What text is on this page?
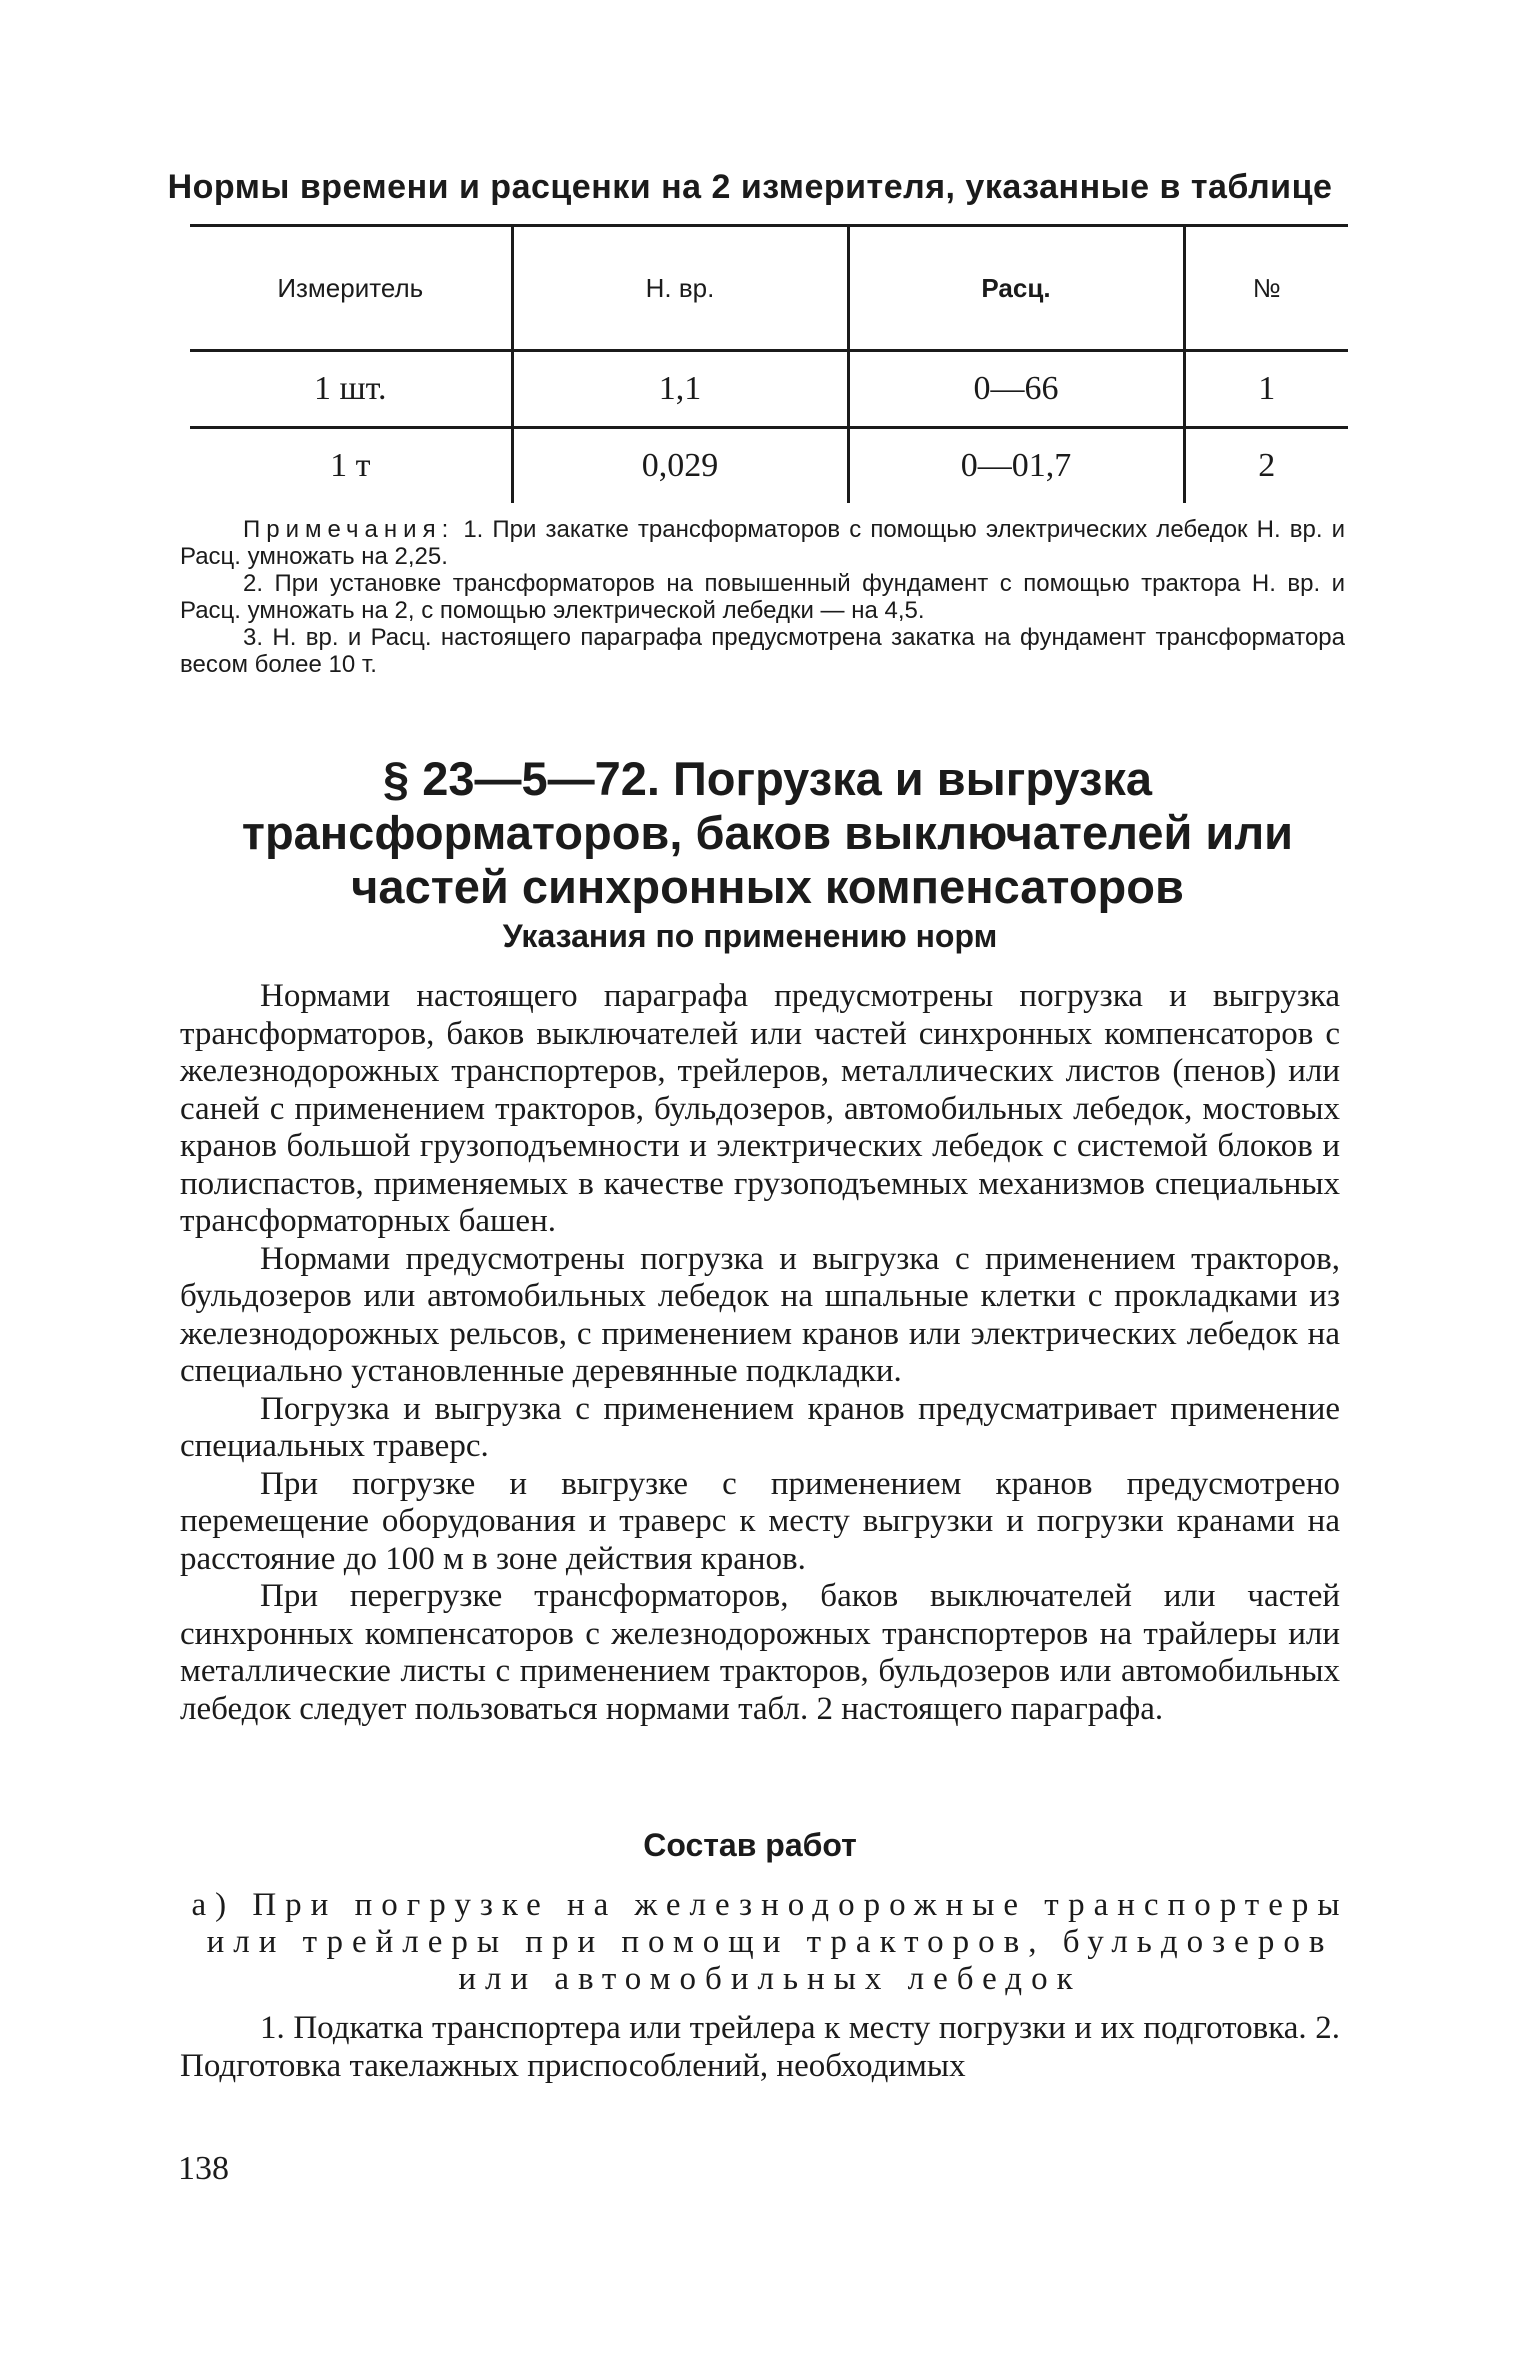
Нормы времени и расценки на 2 измерителя, указанные в таблице
Измеритель	Н. вр.	Расц.	№
1 шт.	1,1	0—66	1
1 т	0,029	0—01,7	2

Примечания: 1. При закатке трансформаторов с помощью электрических лебедок Н. вр. и Расц. умножать на 2,25.

2. При установке трансформаторов на повышенный фундамент с помощью трактора Н. вр. и Расц. умножать на 2, с помощью электрической лебедки — на 4,5.

3. Н. вр. и Расц. настоящего параграфа предусмотрена закатка на фундамент трансформатора весом более 10 т.

§ 23—5—72. Погрузка и выгрузка трансформаторов, баков выключателей или частей синхронных компенсаторов
Указания по применению норм

Нормами настоящего параграфа предусмотрены погрузка и выгрузка трансформаторов, баков выключателей или частей синхронных компенсаторов с железнодорожных транспортеров, трейлеров, металлических листов (пенов) или саней с применением тракторов, бульдозеров, автомобильных лебедок, мостовых кранов большой грузоподъемности и электрических лебедок с системой блоков и полиспастов, применяемых в качестве грузоподъемных механизмов специальных трансформаторных башен.

Нормами предусмотрены погрузка и выгрузка с применением тракторов, бульдозеров или автомобильных лебедок на шпальные клетки с прокладками из железнодорожных рельсов, с применением кранов или электрических лебедок на специально установленные деревянные подкладки.

Погрузка и выгрузка с применением кранов предусматривает применение специальных траверс.

При погрузке и выгрузке с применением кранов предусмотрено перемещение оборудования и траверс к месту выгрузки и погрузки кранами на расстояние до 100 м в зоне действия кранов.

При перегрузке трансформаторов, баков выключателей или частей синхронных компенсаторов с железнодорожных транспортеров на трайлеры или металлические листы с применением тракторов, бульдозеров или автомобильных лебедок следует пользоваться нормами табл. 2 настоящего параграфа.

Состав работ
а) При погрузке на железнодорожные транспортеры или трейлеры при помощи тракторов, бульдозеров или автомобильных лебедок

1. Подкатка транспортера или трейлера к месту погрузки и их подготовка. 2. Подготовка такелажных приспособлений, необходимых

138
